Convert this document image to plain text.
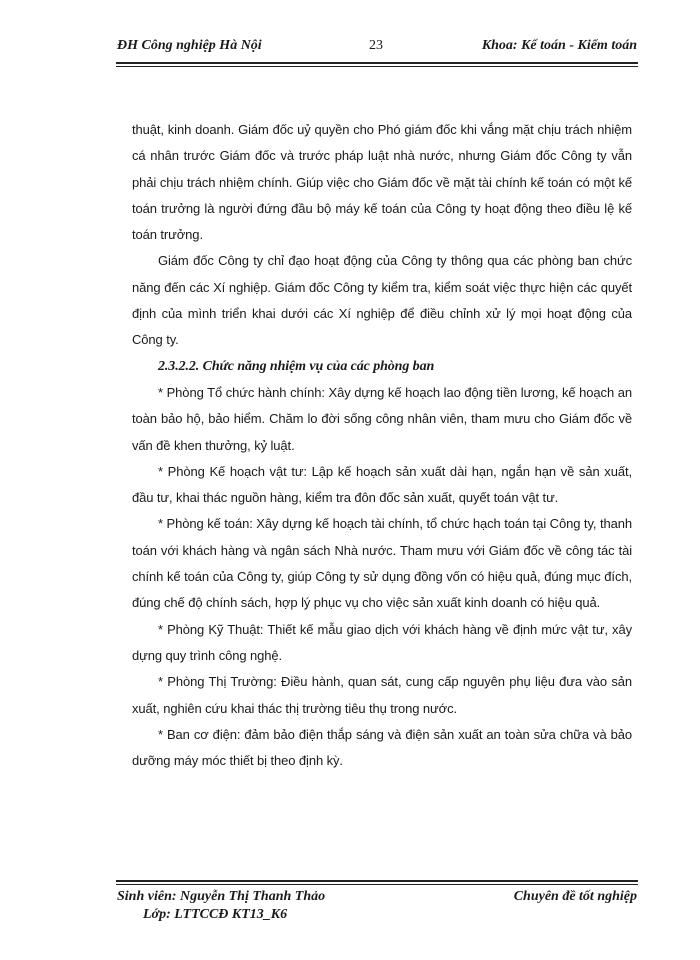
ĐH Công nghiệp Hà Nội	23	Khoa: Kế toán - Kiểm toán

thuật, kinh doanh. Giám đốc uỷ quyền cho Phó giám đốc khi vắng mặt chịu trách nhiệm cá nhân trước Giám đốc và trước pháp luật nhà nước, nhưng Giám đốc Công ty vẫn phải chịu trách nhiệm chính. Giúp việc cho Giám đốc về mặt tài chính kế toán có một kế toán trưởng là người đứng đầu bộ máy kế toán của Công ty hoạt động theo điều lệ kế toán trưởng.

Giám đốc Công ty chỉ đạo hoạt động của Công ty thông qua các phòng ban chức năng đến các Xí nghiệp. Giám đốc Công ty kiểm tra, kiểm soát việc thực hiện các quyết định của mình triển khai dưới các Xí nghiệp để điều chỉnh xử lý mọi hoạt động của Công ty.

2.3.2.2. Chức năng nhiệm vụ của các phòng ban

* Phòng Tổ chức hành chính: Xây dựng kế hoạch lao động tiền lương, kế hoạch an toàn bảo hộ, bảo hiểm. Chăm lo đời sống công nhân viên, tham mưu cho Giám đốc về vấn đề khen thưởng, kỷ luật.

* Phòng Kế hoạch vật tư: Lập kế hoạch sản xuất dài hạn, ngắn hạn về sản xuất, đầu tư, khai thác nguồn hàng, kiểm tra đôn đốc sản xuất, quyết toán vật tư.

* Phòng kế toán: Xây dựng kế hoạch tài chính, tổ chức hạch toán tại Công ty, thanh toán với khách hàng và ngân sách Nhà nước. Tham mưu với Giám đốc về công tác tài chính kế toán của Công ty, giúp Công ty sử dụng đồng vốn có hiệu quả, đúng mục đích, đúng chế độ chính sách, hợp lý phục vụ cho việc sản xuất kinh doanh có hiệu quả.

* Phòng Kỹ Thuật: Thiết kế mẫu giao dịch với khách hàng về định mức vật tư, xây dựng quy trình công nghệ.

* Phòng Thị Trường: Điều hành, quan sát, cung cấp nguyên phụ liệu đưa vào sản xuất, nghiên cứu khai thác thị trường tiêu thụ trong nước.

* Ban cơ điện: đảm bảo điện thắp sáng và điện sản xuất an toàn sửa chữa và bảo dưỡng máy móc thiết bị theo định kỳ.

Sinh viên: Nguyễn Thị Thanh Thảo	Chuyên đề tốt nghiệp
Lớp: LTTCCĐ KT13_K6
